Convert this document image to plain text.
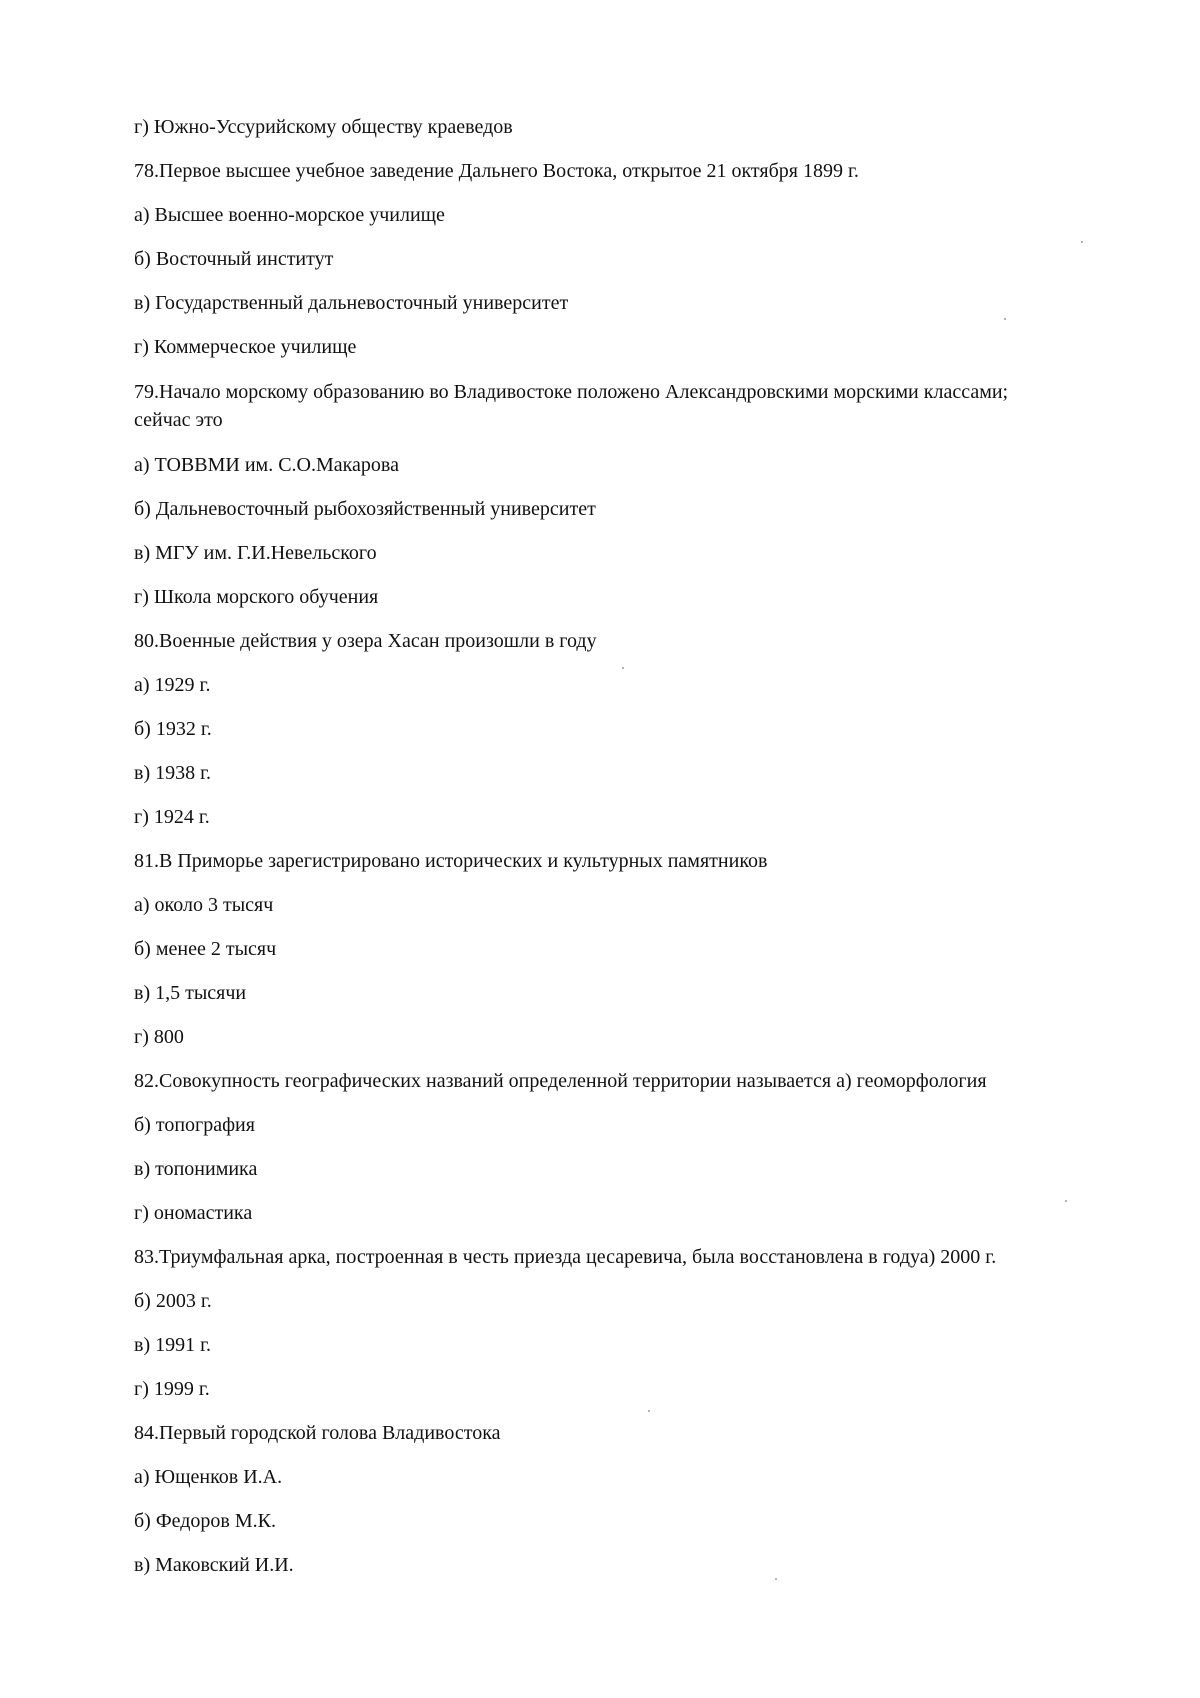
г) Южно-Уссурийскому обществу краеведов

78.Первое высшее учебное заведение Дальнего Востока, открытое 21 октября 1899 г.

а) Высшее военно-морское училище

б) Восточный институт

в) Государственный дальневосточный университет

г) Коммерческое училище

79.Начало морскому образованию во Владивостоке положено Александровскими морскими классами; сейчас это

а) ТОВВМИ им. С.О.Макарова

б) Дальневосточный рыбохозяйственный университет

в) МГУ им. Г.И.Невельского

г) Школа морского обучения

80.Военные действия у озера Хасан произошли в году

а) 1929 г.

б) 1932 г.

в) 1938 г.

г) 1924 г.

81.В Приморье зарегистрировано исторических и культурных памятников

а) около 3 тысяч

б) менее 2 тысяч

в) 1,5 тысячи

г) 800

82.Совокупность географических названий определенной территории называется а) геоморфология

б) топография

в) топонимика

г) ономастика

83.Триумфальная арка, построенная в честь приезда цесаревича, была восстановлена в годуа) 2000 г.

б) 2003 г.

в) 1991 г.

г) 1999 г.

84.Первый городской голова Владивостока

а) Ющенков И.А.

б) Федоров М.К.

в) Маковский И.И.
